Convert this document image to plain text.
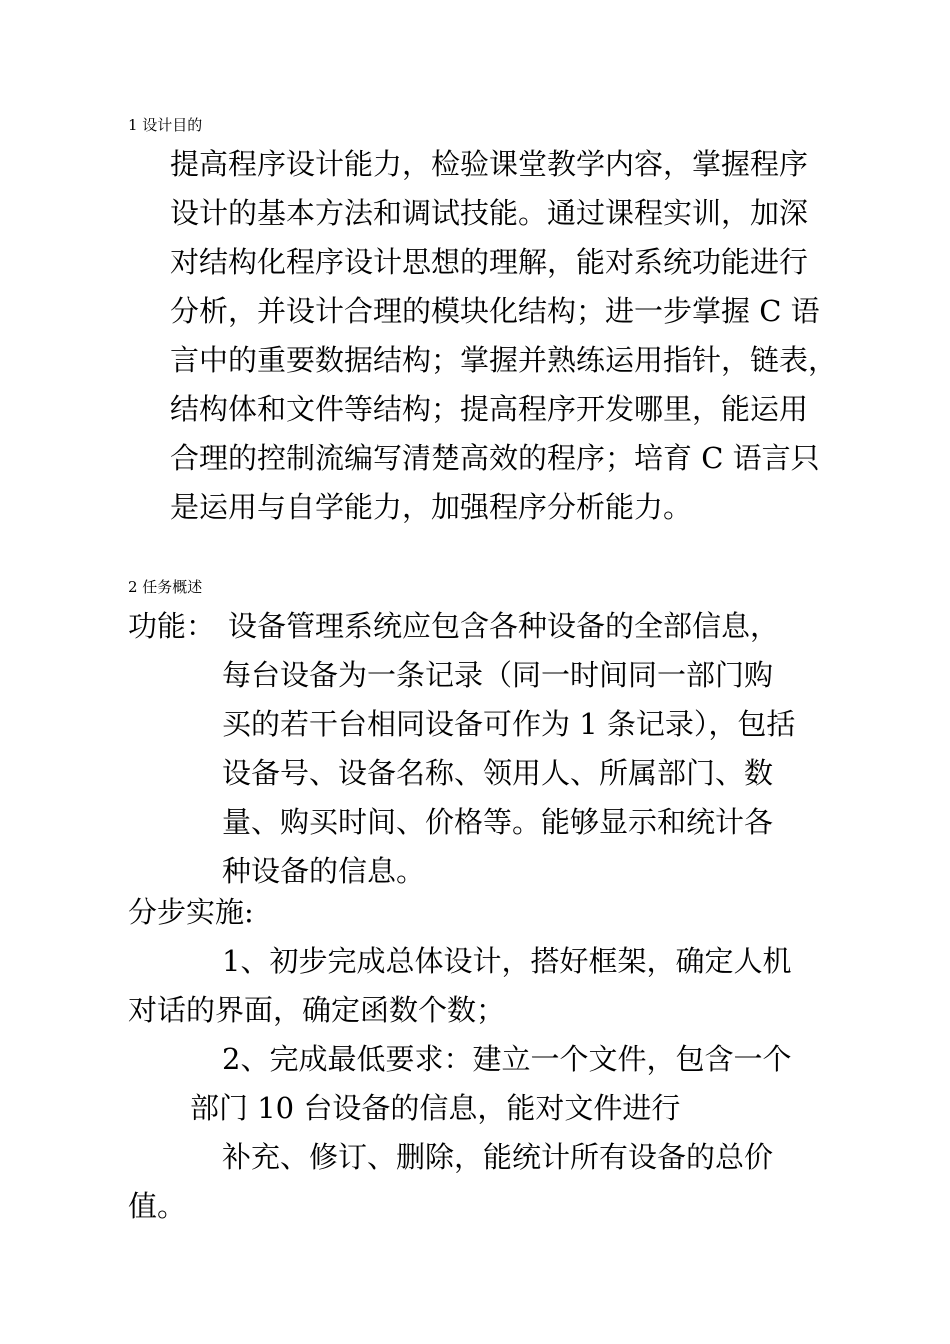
1 设计目的
提高程序设计能力，检验课堂教学内容，掌握程序
设计的基本方法和调试技能。通过课程实训，加深
对结构化程序设计思想的理解，能对系统功能进行
分析，并设计合理的模块化结构；进一步掌握 C 语
言中的重要数据结构；掌握并熟练运用指针，链表，
结构体和文件等结构；提高程序开发哪里，能运用
合理的控制流编写清楚高效的程序；培育 C 语言只
是运用与自学能力，加强程序分析能力。
2 任务概述
功能： 设备管理系统应包含各种设备的全部信息，
每台设备为一条记录（同一时间同一部门购
买的若干台相同设备可作为 1 条记录），包括
设备号、设备名称、领用人、所属部门、数
量、购买时间、价格等。能够显示和统计各
种设备的信息。
分步实施:
1、初步完成总体设计，搭好框架，确定人机
对话的界面，确定函数个数；
2、完成最低要求：建立一个文件，包含一个
部门 10 台设备的信息，能对文件进行
补充、修订、删除，能统计所有设备的总价
值。
